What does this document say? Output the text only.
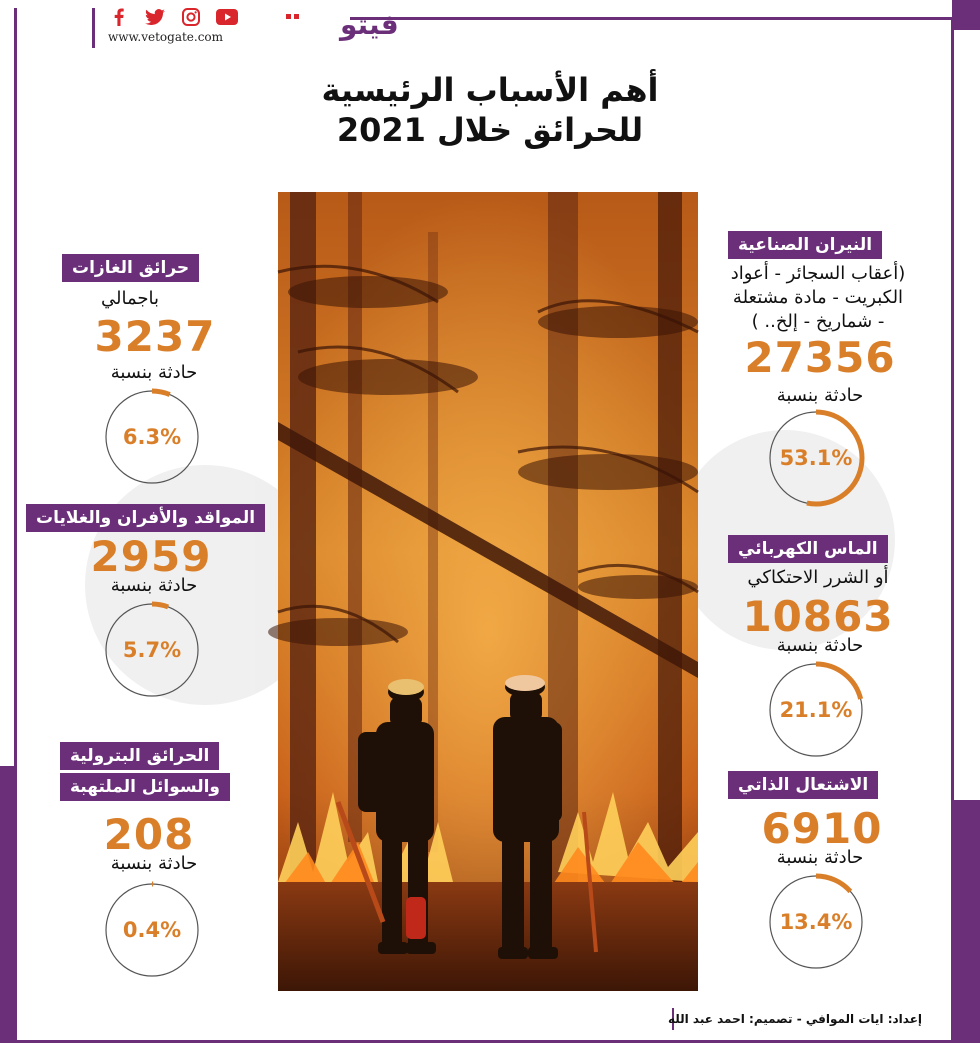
www.vetogate.com	فيتو
أهم الأسباب الرئيسية
للحرائق خلال 2021
النيران الصناعية
(أعقاب السجائر - أعواد
الكبريت - مادة مشتعلة
- شماريخ - إلخ.. )
27356
حادثة بنسبة
53.1%
الماس الكهربائي
أو الشرر الاحتكاكي
10863
حادثة بنسبة
21.1%
الاشتعال الذاتي
6910
حادثة بنسبة
13.4%
حرائق الغازات
باجمالي
3237
حادثة بنسبة
6.3%
المواقد والأفران والغلايات
2959
حادثة بنسبة
5.7%
الحرائق البترولية
والسوائل الملتهبة
208
حادثة بنسبة
0.4%
إعداد: ايات الموافي - تصميم: احمد عبد الله
